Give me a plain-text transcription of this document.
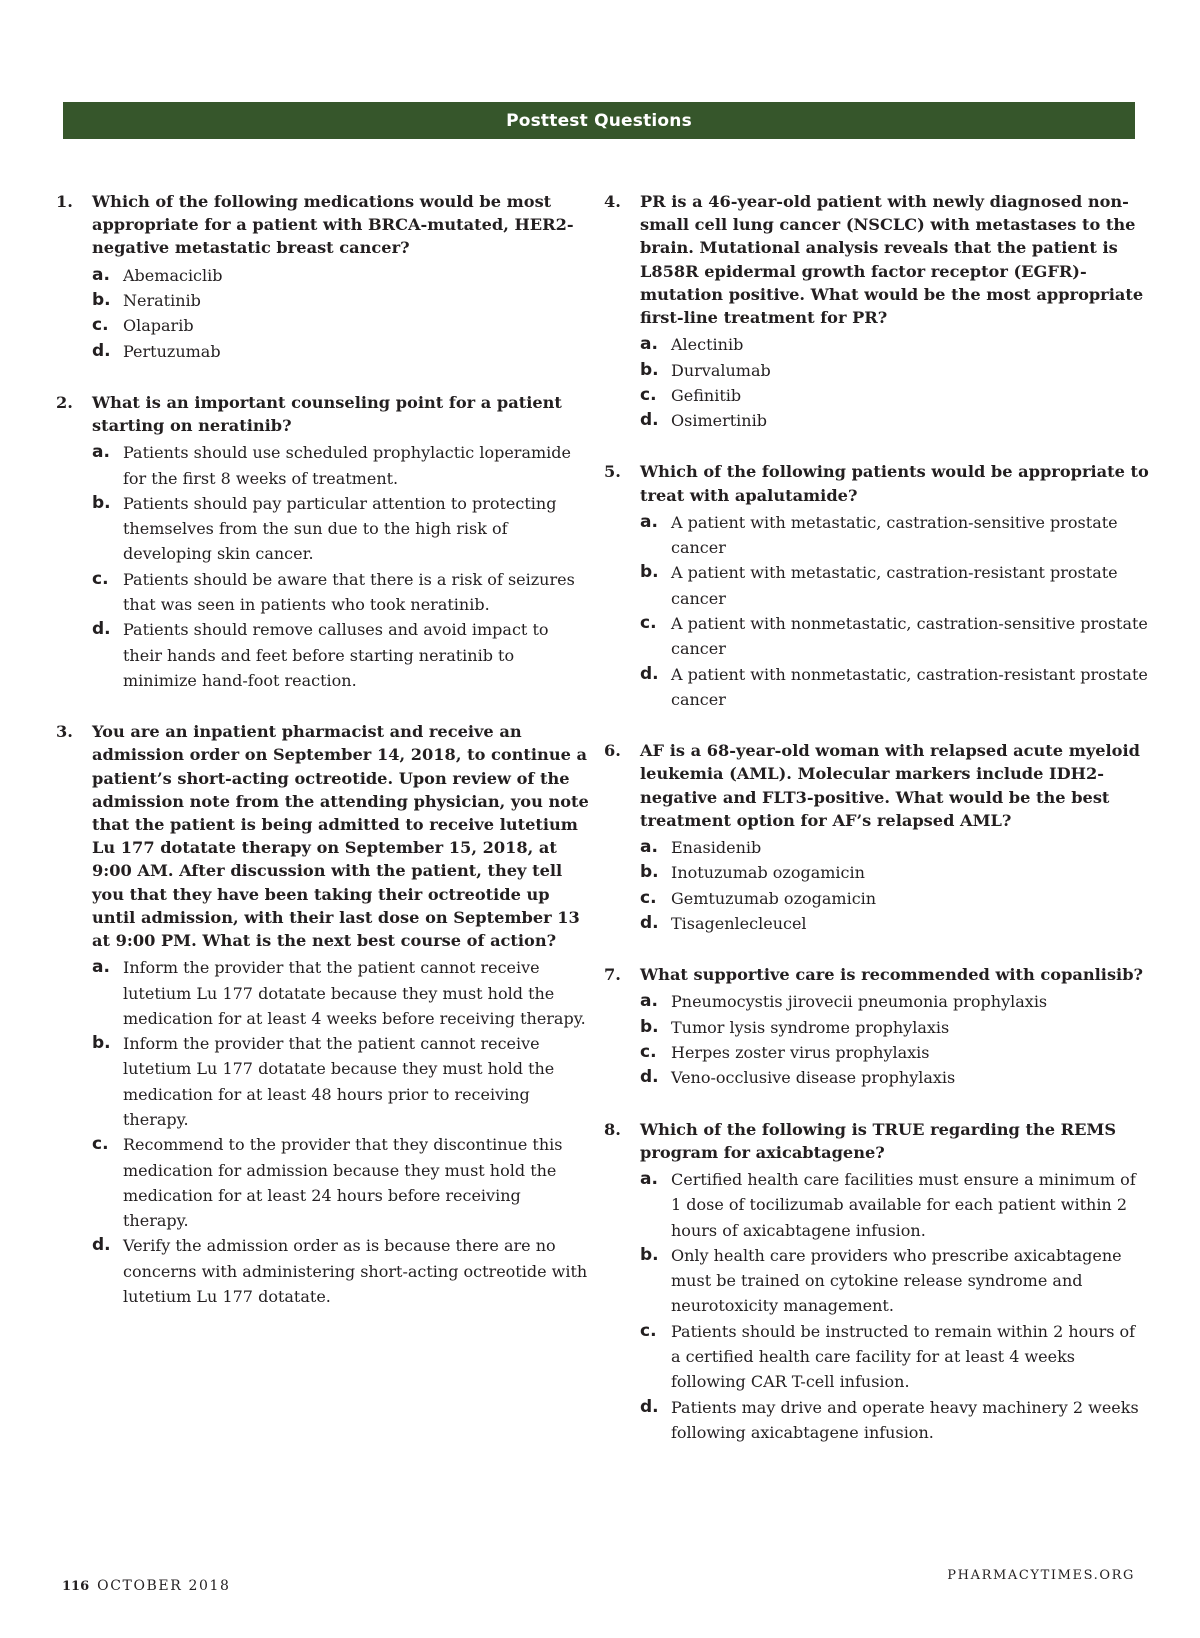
Posttest Questions
1.	Which of the following medications would be most appropriate for a patient with BRCA-mutated, HER2-negative metastatic breast cancer?
a. Abemaciclib
b. Neratinib
c. Olaparib
d. Pertuzumab
2.	What is an important counseling point for a patient starting on neratinib?
a. Patients should use scheduled prophylactic loperamide for the first 8 weeks of treatment.
b. Patients should pay particular attention to protecting themselves from the sun due to the high risk of developing skin cancer.
c. Patients should be aware that there is a risk of seizures that was seen in patients who took neratinib.
d. Patients should remove calluses and avoid impact to their hands and feet before starting neratinib to minimize hand-foot reaction.
3.	You are an inpatient pharmacist and receive an admission order on September 14, 2018, to continue a patient’s short-acting octreotide. Upon review of the admission note from the attending physician, you note that the patient is being admitted to receive lutetium Lu 177 dotatate therapy on September 15, 2018, at 9:00 AM. After discussion with the patient, they tell you that they have been taking their octreotide up until admission, with their last dose on September 13 at 9:00 PM. What is the next best course of action?
a. Inform the provider that the patient cannot receive lutetium Lu 177 dotatate because they must hold the medication for at least 4 weeks before receiving therapy.
b. Inform the provider that the patient cannot receive lutetium Lu 177 dotatate because they must hold the medication for at least 48 hours prior to receiving therapy.
c. Recommend to the provider that they discontinue this medication for admission because they must hold the medication for at least 24 hours before receiving therapy.
d. Verify the admission order as is because there are no concerns with administering short-acting octreotide with lutetium Lu 177 dotatate.
4.	PR is a 46-year-old patient with newly diagnosed non-small cell lung cancer (NSCLC) with metastases to the brain. Mutational analysis reveals that the patient is L858R epidermal growth factor receptor (EGFR)-mutation positive. What would be the most appropriate first-line treatment for PR?
a. Alectinib
b. Durvalumab
c. Gefinitib
d. Osimertinib
5.	Which of the following patients would be appropriate to treat with apalutamide?
a. A patient with metastatic, castration-sensitive prostate cancer
b. A patient with metastatic, castration-resistant prostate cancer
c. A patient with nonmetastatic, castration-sensitive prostate cancer
d. A patient with nonmetastatic, castration-resistant prostate cancer
6.	AF is a 68-year-old woman with relapsed acute myeloid leukemia (AML). Molecular markers include IDH2-negative and FLT3-positive. What would be the best treatment option for AF’s relapsed AML?
a. Enasidenib
b. Inotuzumab ozogamicin
c. Gemtuzumab ozogamicin
d. Tisagenlecleucel
7.	What supportive care is recommended with copanlisib?
a. Pneumocystis jirovecii pneumonia prophylaxis
b. Tumor lysis syndrome prophylaxis
c. Herpes zoster virus prophylaxis
d. Veno-occlusive disease prophylaxis
8.	Which of the following is TRUE regarding the REMS program for axicabtagene?
a. Certified health care facilities must ensure a minimum of 1 dose of tocilizumab available for each patient within 2 hours of axicabtagene infusion.
b. Only health care providers who prescribe axicabtagene must be trained on cytokine release syndrome and neurotoxicity management.
c. Patients should be instructed to remain within 2 hours of a certified health care facility for at least 4 weeks following CAR T-cell infusion.
d. Patients may drive and operate heavy machinery 2 weeks following axicabtagene infusion.
116 OCTOBER 2018
PHARMACYTIMES.ORG
